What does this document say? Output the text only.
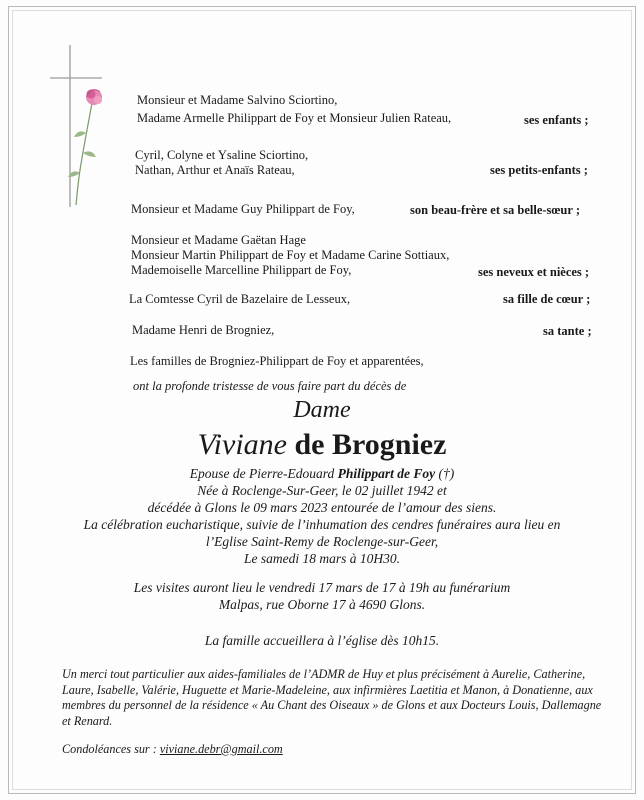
Monsieur et Madame Salvino Sciortino,
Madame Armelle Philippart de Foy et Monsieur Julien Rateau,	ses enfants ;
Cyril, Colyne et Ysaline Sciortino,
Nathan, Arthur et Anaïs Rateau,	ses petits-enfants ;
Monsieur et Madame Guy Philippart de Foy,	son beau-frère et sa belle-sœur ;
Monsieur et Madame Gaëtan Hage
Monsieur Martin Philippart de Foy et Madame Carine Sottiaux,
Mademoiselle Marcelline Philippart de Foy,	ses neveux et nièces ;
La Comtesse Cyril de Bazelaire de Lesseux,	sa fille de cœur ;
Madame Henri de Brogniez,	sa tante ;
Les familles de Brogniez-Philippart de Foy et apparentées,
ont la profonde tristesse de vous faire part du décès de
Dame
Viviane de Brogniez
Epouse de Pierre-Edouard Philippart de Foy (†)
Née à Roclenge-Sur-Geer, le 02 juillet 1942 et
décédée à Glons le 09 mars 2023 entourée de l’amour des siens.
La célébration eucharistique, suivie de l’inhumation des cendres funéraires aura lieu en
l’Eglise Saint-Remy de Roclenge-sur-Geer,
Le samedi 18 mars à 10H30.
Les visites auront lieu le vendredi 17 mars de 17 à 19h au funérarium
Malpas, rue Oborne 17 à 4690 Glons.
La famille accueillera à l’église dès 10h15.
Un merci tout particulier aux aides-familiales de l’ADMR de Huy et plus précisément à Aurelie, Catherine, Laure, Isabelle, Valérie, Huguette et Marie-Madeleine, aux infirmières Laetitia et Manon, à Donatienne, aux membres du personnel de la résidence « Au Chant des Oiseaux » de Glons et aux Docteurs Louis, Dallemagne et Renard.
Condoléances sur : viviane.debr@gmail.com
